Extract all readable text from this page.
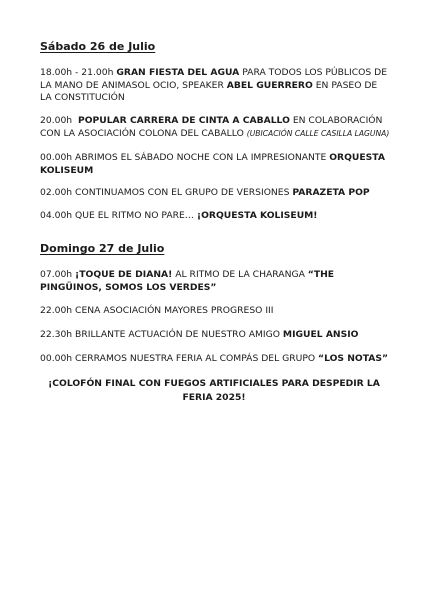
Sábado 26 de Julio

18.00h - 21.00h GRAN FIESTA DEL AGUA PARA TODOS LOS PÚBLICOS DE LA MANO DE ANIMASOL OCIO, SPEAKER ABEL GUERRERO EN PASEO DE LA CONSTITUCIÓN

20.00h POPULAR CARRERA DE CINTA A CABALLO EN COLABORACIÓN CON LA ASOCIACIÓN COLONA DEL CABALLO (UBICACIÓN CALLE CASILLA LAGUNA)

00.00h ABRIMOS EL SÁBADO NOCHE CON LA IMPRESIONANTE ORQUESTA KOLISEUM

02.00h CONTINUAMOS CON EL GRUPO DE VERSIONES PARAZETA POP

04.00h QUE EL RITMO NO PARE… ¡ORQUESTA KOLISEUM!

Domingo 27 de Julio

07.00h ¡TOQUE DE DIANA! AL RITMO DE LA CHARANGA “THE PINGÜINOS, SOMOS LOS VERDES”

22.00h CENA ASOCIACIÓN MAYORES PROGRESO III

22.30h BRILLANTE ACTUACIÓN DE NUESTRO AMIGO MIGUEL ANSIO

00.00h CERRAMOS NUESTRA FERIA AL COMPÁS DEL GRUPO “LOS NOTAS”

¡COLOFÓN FINAL CON FUEGOS ARTIFICIALES PARA DESPEDIR LA FERIA 2025!
